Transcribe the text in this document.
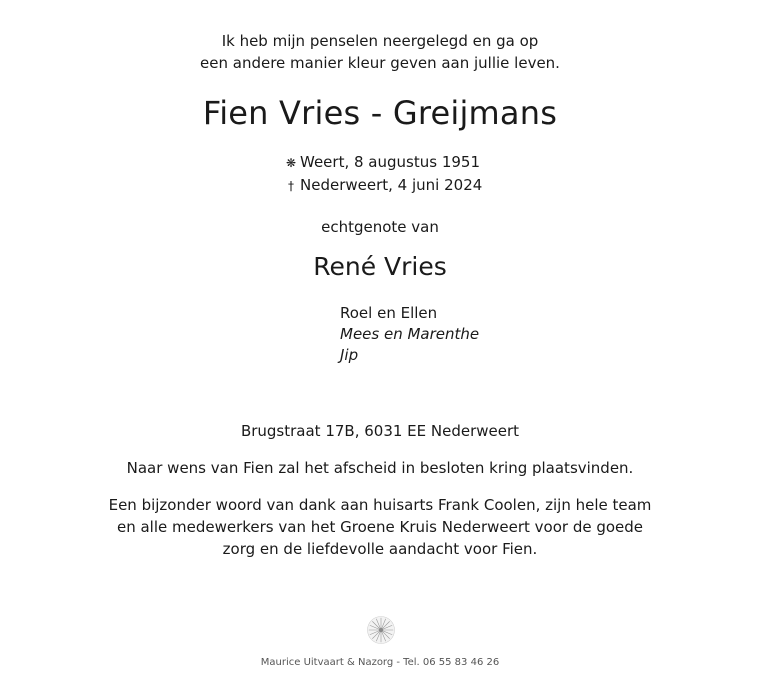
Ik heb mijn penselen neergelegd en ga op
een andere manier kleur geven aan jullie leven.
Fien Vries - Greijmans
❋ Weert, 8 augustus 1951
† Nederweert, 4 juni 2024
echtgenote van
René Vries
Roel en Ellen
Mees en Marenthe
Jip
Brugstraat 17B, 6031 EE Nederweert
Naar wens van Fien zal het afscheid in besloten kring plaatsvinden.
Een bijzonder woord van dank aan huisarts Frank Coolen, zijn hele team
en alle medewerkers van het Groene Kruis Nederweert voor de goede
zorg en de liefdevolle aandacht voor Fien.
Maurice Uitvaart & Nazorg - Tel. 06 55 83 46 26
